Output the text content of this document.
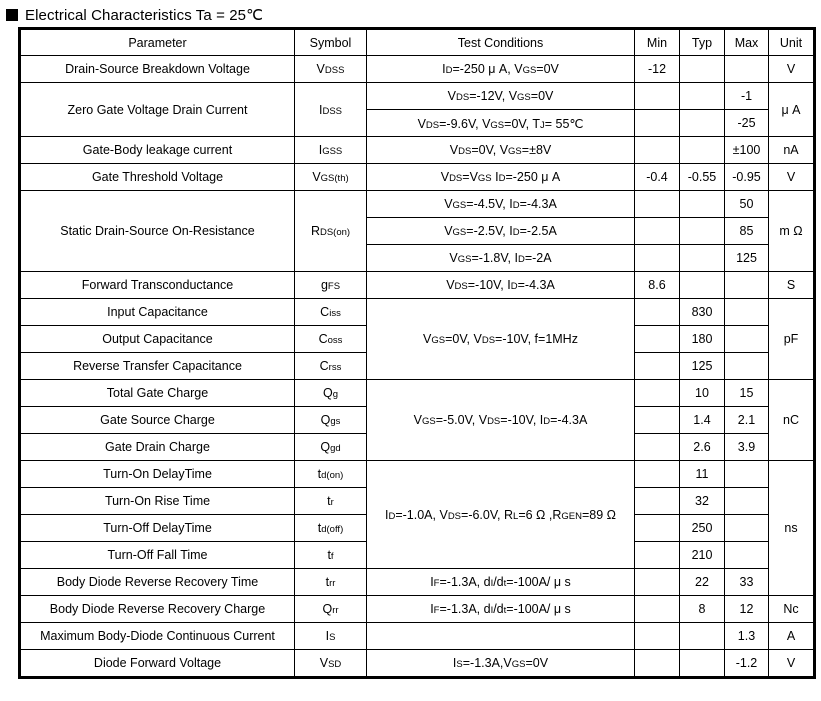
Electrical Characteristics Ta = 25℃
Parameter	Symbol	Test Conditions	Min	Typ	Max	Unit
Drain-Source Breakdown Voltage	VDSS	ID=-250 μ A, VGS=0V	-12			V
Zero Gate Voltage Drain Current	IDSS	VDS=-12V, VGS=0V			-1	μ A
		VDS=-9.6V, VGS=0V, TJ= 55℃			-25	
Gate-Body leakage current	IGSS	VDS=0V, VGS=±8V			±100	nA
Gate Threshold Voltage	VGS(th)	VDS=VGS ID=-250 μ A	-0.4	-0.55	-0.95	V
Static Drain-Source On-Resistance	RDS(on)	VGS=-4.5V, ID=-4.3A			50	m Ω
		VGS=-2.5V, ID=-2.5A			85	
		VGS=-1.8V, ID=-2A			125	
Forward Transconductance	gFS	VDS=-10V, ID=-4.3A	8.6			S
Input Capacitance	Ciss	VGS=0V, VDS=-10V, f=1MHz		830		pF
Output Capacitance	Coss			180		
Reverse Transfer Capacitance	Crss			125		
Total Gate Charge	Qg	VGS=-5.0V, VDS=-10V, ID=-4.3A		10	15	nC
Gate Source Charge	Qgs			1.4	2.1	
Gate Drain Charge	Qgd			2.6	3.9	
Turn-On DelayTime	td(on)	ID=-1.0A, VDS=-6.0V, RL=6 Ω ,RGEN=89 Ω		11		ns
Turn-On Rise Time	tr			32		
Turn-Off DelayTime	td(off)			250		
Turn-Off Fall Time	tf			210		
Body Diode Reverse Recovery Time	trr	IF=-1.3A, dI/dt=-100A/ μ s		22	33	
Body Diode Reverse Recovery Charge	Qrr	IF=-1.3A, dI/dt=-100A/ μ s		8	12	Nc
Maximum Body-Diode Continuous Current	IS				1.3	A
Diode Forward Voltage	VSD	IS=-1.3A,VGS=0V			-1.2	V
